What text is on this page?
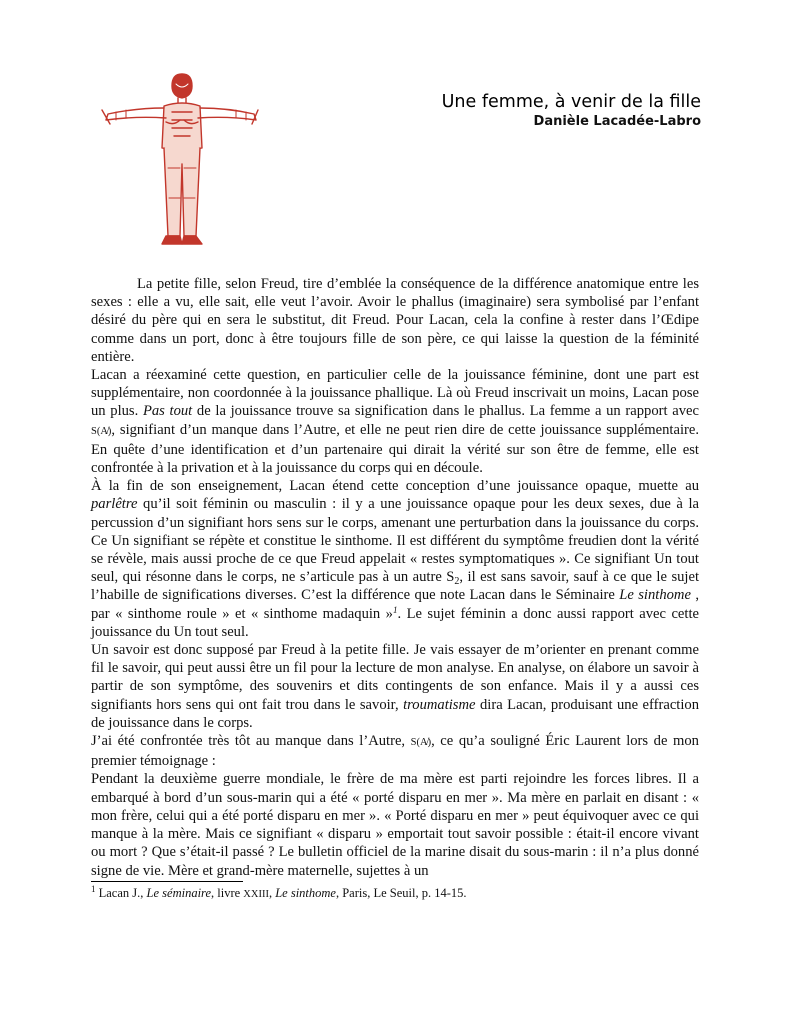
Une femme, à venir de la fille
Danièle Lacadée-Labro

La petite fille, selon Freud, tire d’emblée la conséquence de la différence anatomique entre les sexes : elle a vu, elle sait, elle veut l’avoir. Avoir le phallus (imaginaire) sera symbolisé par l’enfant désiré du père qui en sera le substitut, dit Freud. Pour Lacan, cela la confine à rester dans l’Œdipe comme dans un port, donc à être toujours fille de son père, ce qui laisse la question de la féminité entière.

Lacan a réexaminé cette question, en particulier celle de la jouissance féminine, dont une part est supplémentaire, non coordonnée à la jouissance phallique. Là où Freud inscrivait un moins, Lacan pose un plus. Pas tout de la jouissance trouve sa signification dans le phallus. La femme a un rapport avec S(A̸), signifiant d’un manque dans l’Autre, et elle ne peut rien dire de cette jouissance supplémentaire. En quête d’une identification et d’un partenaire qui dirait la vérité sur son être de femme, elle est confrontée à la privation et à la jouissance du corps qui en découle.

À la fin de son enseignement, Lacan étend cette conception d’une jouissance opaque, muette au parlêtre qu’il soit féminin ou masculin : il y a une jouissance opaque pour les deux sexes, due à la percussion d’un signifiant hors sens sur le corps, amenant une perturbation dans la jouissance du corps. Ce Un signifiant se répète et constitue le sinthome. Il est différent du symptôme freudien dont la vérité se révèle, mais aussi proche de ce que Freud appelait « restes symptomatiques ». Ce signifiant Un tout seul, qui résonne dans le corps, ne s’articule pas à un autre $S_2$, il est sans savoir, sauf à ce que le sujet l’habille de significations diverses. C’est la différence que note Lacan dans le Séminaire Le sinthome , par « sinthome roule » et « sinthome madaquin »$^1$. Le sujet féminin a donc aussi rapport avec cette jouissance du Un tout seul.

Un savoir est donc supposé par Freud à la petite fille. Je vais essayer de m’orienter en prenant comme fil le savoir, qui peut aussi être un fil pour la lecture de mon analyse. En analyse, on élabore un savoir à partir de son symptôme, des souvenirs et dits contingents de son enfance. Mais il y a aussi ces signifiants hors sens qui ont fait trou dans le savoir, troumatisme dira Lacan, produisant une effraction de jouissance dans le corps.

J’ai été confrontée très tôt au manque dans l’Autre, S(A̸), ce qu’a souligné Éric Laurent lors de mon premier témoignage :

Pendant la deuxième guerre mondiale, le frère de ma mère est parti rejoindre les forces libres. Il a embarqué à bord d’un sous-marin qui a été « porté disparu en mer ». Ma mère en parlait en disant : « mon frère, celui qui a été porté disparu en mer ». « Porté disparu en mer » peut équivoquer avec ce qui manque à la mère. Mais ce signifiant « disparu » emportait tout savoir possible : était-il encore vivant ou mort ? Que s’était-il passé ? Le bulletin officiel de la marine disait du sous-marin : il n’a plus donné signe de vie. Mère et grand-mère maternelle, sujettes à un

$^1$ Lacan J., Le séminaire, livre XXIII, Le sinthome, Paris, Le Seuil, p. 14-15.
